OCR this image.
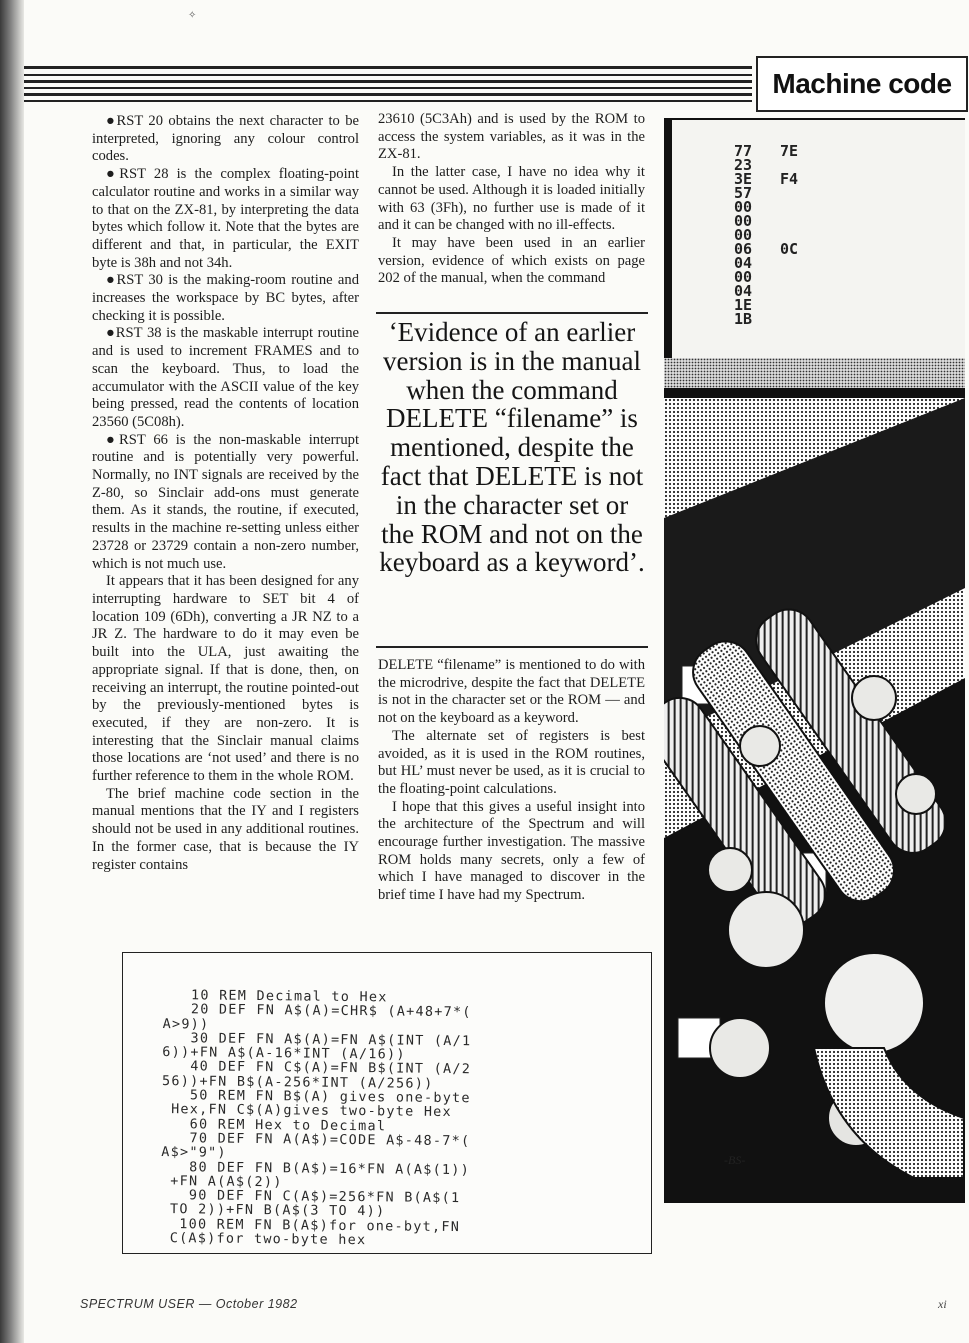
✧
Machine code

●RST 20 obtains the next character to be interpreted, ignoring any colour control codes.

●RST 28 is the complex floating-point calculator routine and works in a similar way to that on the ZX-81, by interpreting the data bytes which follow it. Note that the bytes are different and that, in particular, the EXIT byte is 38h and not 34h.

●RST 30 is the making-room routine and increases the workspace by BC bytes, after checking it is possible.

●RST 38 is the maskable interrupt routine and is used to increment FRAMES and to scan the keyboard. Thus, to load the accumulator with the ASCII value of the key being pressed, read the contents of location 23560 (5C08h).

●RST 66 is the non-maskable interrupt routine and is potentially very powerful. Normally, no INT signals are received by the Z-80, so Sinclair add-ons must generate them. As it stands, the routine, if executed, results in the machine re-setting unless either 23728 or 23729 contain a non-zero number, which is not much use.

It appears that it has been designed for any interrupting hardware to SET bit 4 of location 109 (6Dh), converting a JR NZ to a JR Z. The hardware to do it may even be built into the ULA, just awaiting the appropriate signal. If that is done, then, on receiving an interrupt, the routine pointed-out by the previously-mentioned bytes is executed, if they are non-zero. It is interesting that the Sinclair manual claims those locations are ‘not used’ and there is no further reference to them in the whole ROM.

The brief machine code section in the manual mentions that the IY and I registers should not be used in any additional routines. In the former case, that is because the IY register contains

23610 (5C3Ah) and is used by the ROM to access the system variables, as it was in the ZX-81.

In the latter case, I have no idea why it cannot be used. Although it is loaded initially with 63 (3Fh), no further use is made of it and it can be changed with no ill-effects.

It may have been used in an earlier version, evidence of which exists on page 202 of the manual, when the command

‘Evidence of an earlier version is in the manual when the command DELETE “filename” is mentioned, despite the fact that DELETE is not in the character set or the ROM and not on the keyboard as a keyword’.

DELETE “filename” is mentioned to do with the microdrive, despite the fact that DELETE is not in the character set or the ROM — and not on the keyboard as a keyword.

The alternate set of registers is best avoided, as it is used in the ROM routines, but HL’ must never be used, as it is crucial to the floating-point calculations.

I hope that this gives a useful insight into the architecture of the Spectrum and will encourage further investigation. The massive ROM holds many secrets, only a few of which I have managed to discover in the brief time I have had my Spectrum.

77
23
3E
57
00
00
00
06
04
00
04
1E
1B
7E
F4
0C
-BS-
10 REM Decimal to Hex
20 DEF FN A$(A)=CHR$ (A+48+7*(
A>9))
30 DEF FN A$(A)=FN A$(INT (A/1
6))+FN A$(A-16*INT (A/16))
40 DEF FN C$(A)=FN B$(INT (A/2
56))+FN B$(A-256*INT (A/256))
50 REM FN B$(A) gives one-byte
Hex,FN C$(A)gives two-byte Hex
60 REM Hex to Decimal
70 DEF FN A(A$)=CODE A$-48-7*(
A$>"9")
80 DEF FN B(A$)=16*FN A(A$(1))
+FN A(A$(2))
90 DEF FN C(A$)=256*FN B(A$(1
TO 2))+FN B(A$(3 TO 4))
100 REM FN B(A$)for one-byt,FN
C(A$)for two-byte hex
SPECTRUM USER — October 1982	xi
